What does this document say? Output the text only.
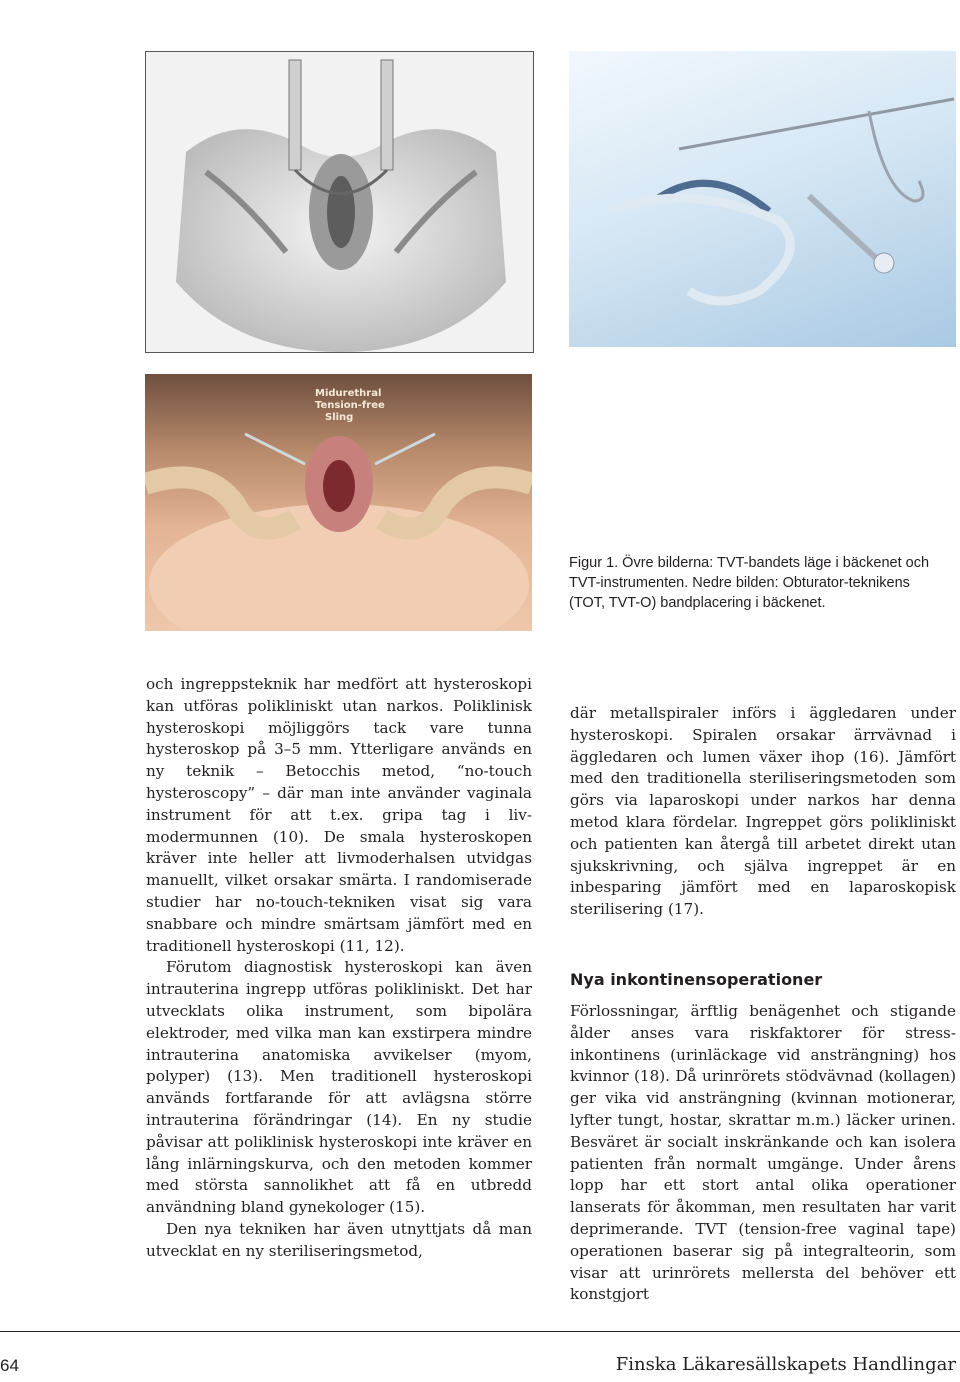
Midurethral Tension-free Sling
Figur 1. Övre bilderna: TVT-bandets läge i bäckenet och TVT-instrumenten. Nedre bilden: Obturator-teknikens (TOT, TVT-O) bandplacering i bäckenet.

och ingreppsteknik har medfört att hysteroskopi kan utföras polikliniskt utan narkos. Poliklinisk hysteroskopi möjliggörs tack vare tunna hysteroskop på 3–5 mm. Ytterligare används en ny teknik – Betocchis metod, “no-touch hysteroscopy” – där man inte använder vaginala instrument för att t.ex. gripa tag i livmodermunnen (10). De smala hysteroskopen kräver inte heller att livmoderhalsen utvidgas manuellt, vilket orsakar smärta. I randomiserade studier har no-touch-tekniken visat sig vara snabbare och mindre smärtsam jämfört med en traditionell hysteroskopi (11, 12).

Förutom diagnostisk hysteroskopi kan även intrauterina ingrepp utföras polikliniskt. Det har utvecklats olika instrument, som bipolära elektroder, med vilka man kan exstirpera mindre intrauterina anatomiska avvikelser (myom, polyper) (13). Men traditionell hysteroskopi används fortfarande för att avlägsna större intrauterina förändringar (14). En ny studie påvisar att poliklinisk hysteroskopi inte kräver en lång inlärningskurva, och den metoden kommer med största sannolikhet att få en utbredd användning bland gynekologer (15).

Den nya tekniken har även utnyttjats då man utvecklat en ny steriliseringsmetod,

där metallspiraler införs i äggledaren under hysteroskopi. Spiralen orsakar ärrvävnad i äggledaren och lumen växer ihop (16). Jämfört med den traditionella steriliseringsmetoden som görs via laparoskopi under narkos har denna metod klara fördelar. Ingreppet görs polikliniskt och patienten kan återgå till arbetet direkt utan sjukskrivning, och själva ingreppet är en inbesparing jämfört med en laparoskopisk sterilisering (17).

Nya inkontinensoperationer

Förlossningar, ärftlig benägenhet och stigande ålder anses vara riskfaktorer för stressinkontinens (urinläckage vid ansträngning) hos kvinnor (18). Då urinrörets stödvävnad (kollagen) ger vika vid ansträngning (kvinnan motionerar, lyfter tungt, hostar, skrattar m.m.) läcker urinen. Besväret är socialt inskränkande och kan isolera patienten från normalt umgänge. Under årens lopp har ett stort antal olika operationer lanserats för åkomman, men resultaten har varit deprimerande. TVT (tension-free vaginal tape) operationen baserar sig på integralteorin, som visar att urinrörets mellersta del behöver ett konstgjort

64	Finska Läkaresällskapets Handlingar
